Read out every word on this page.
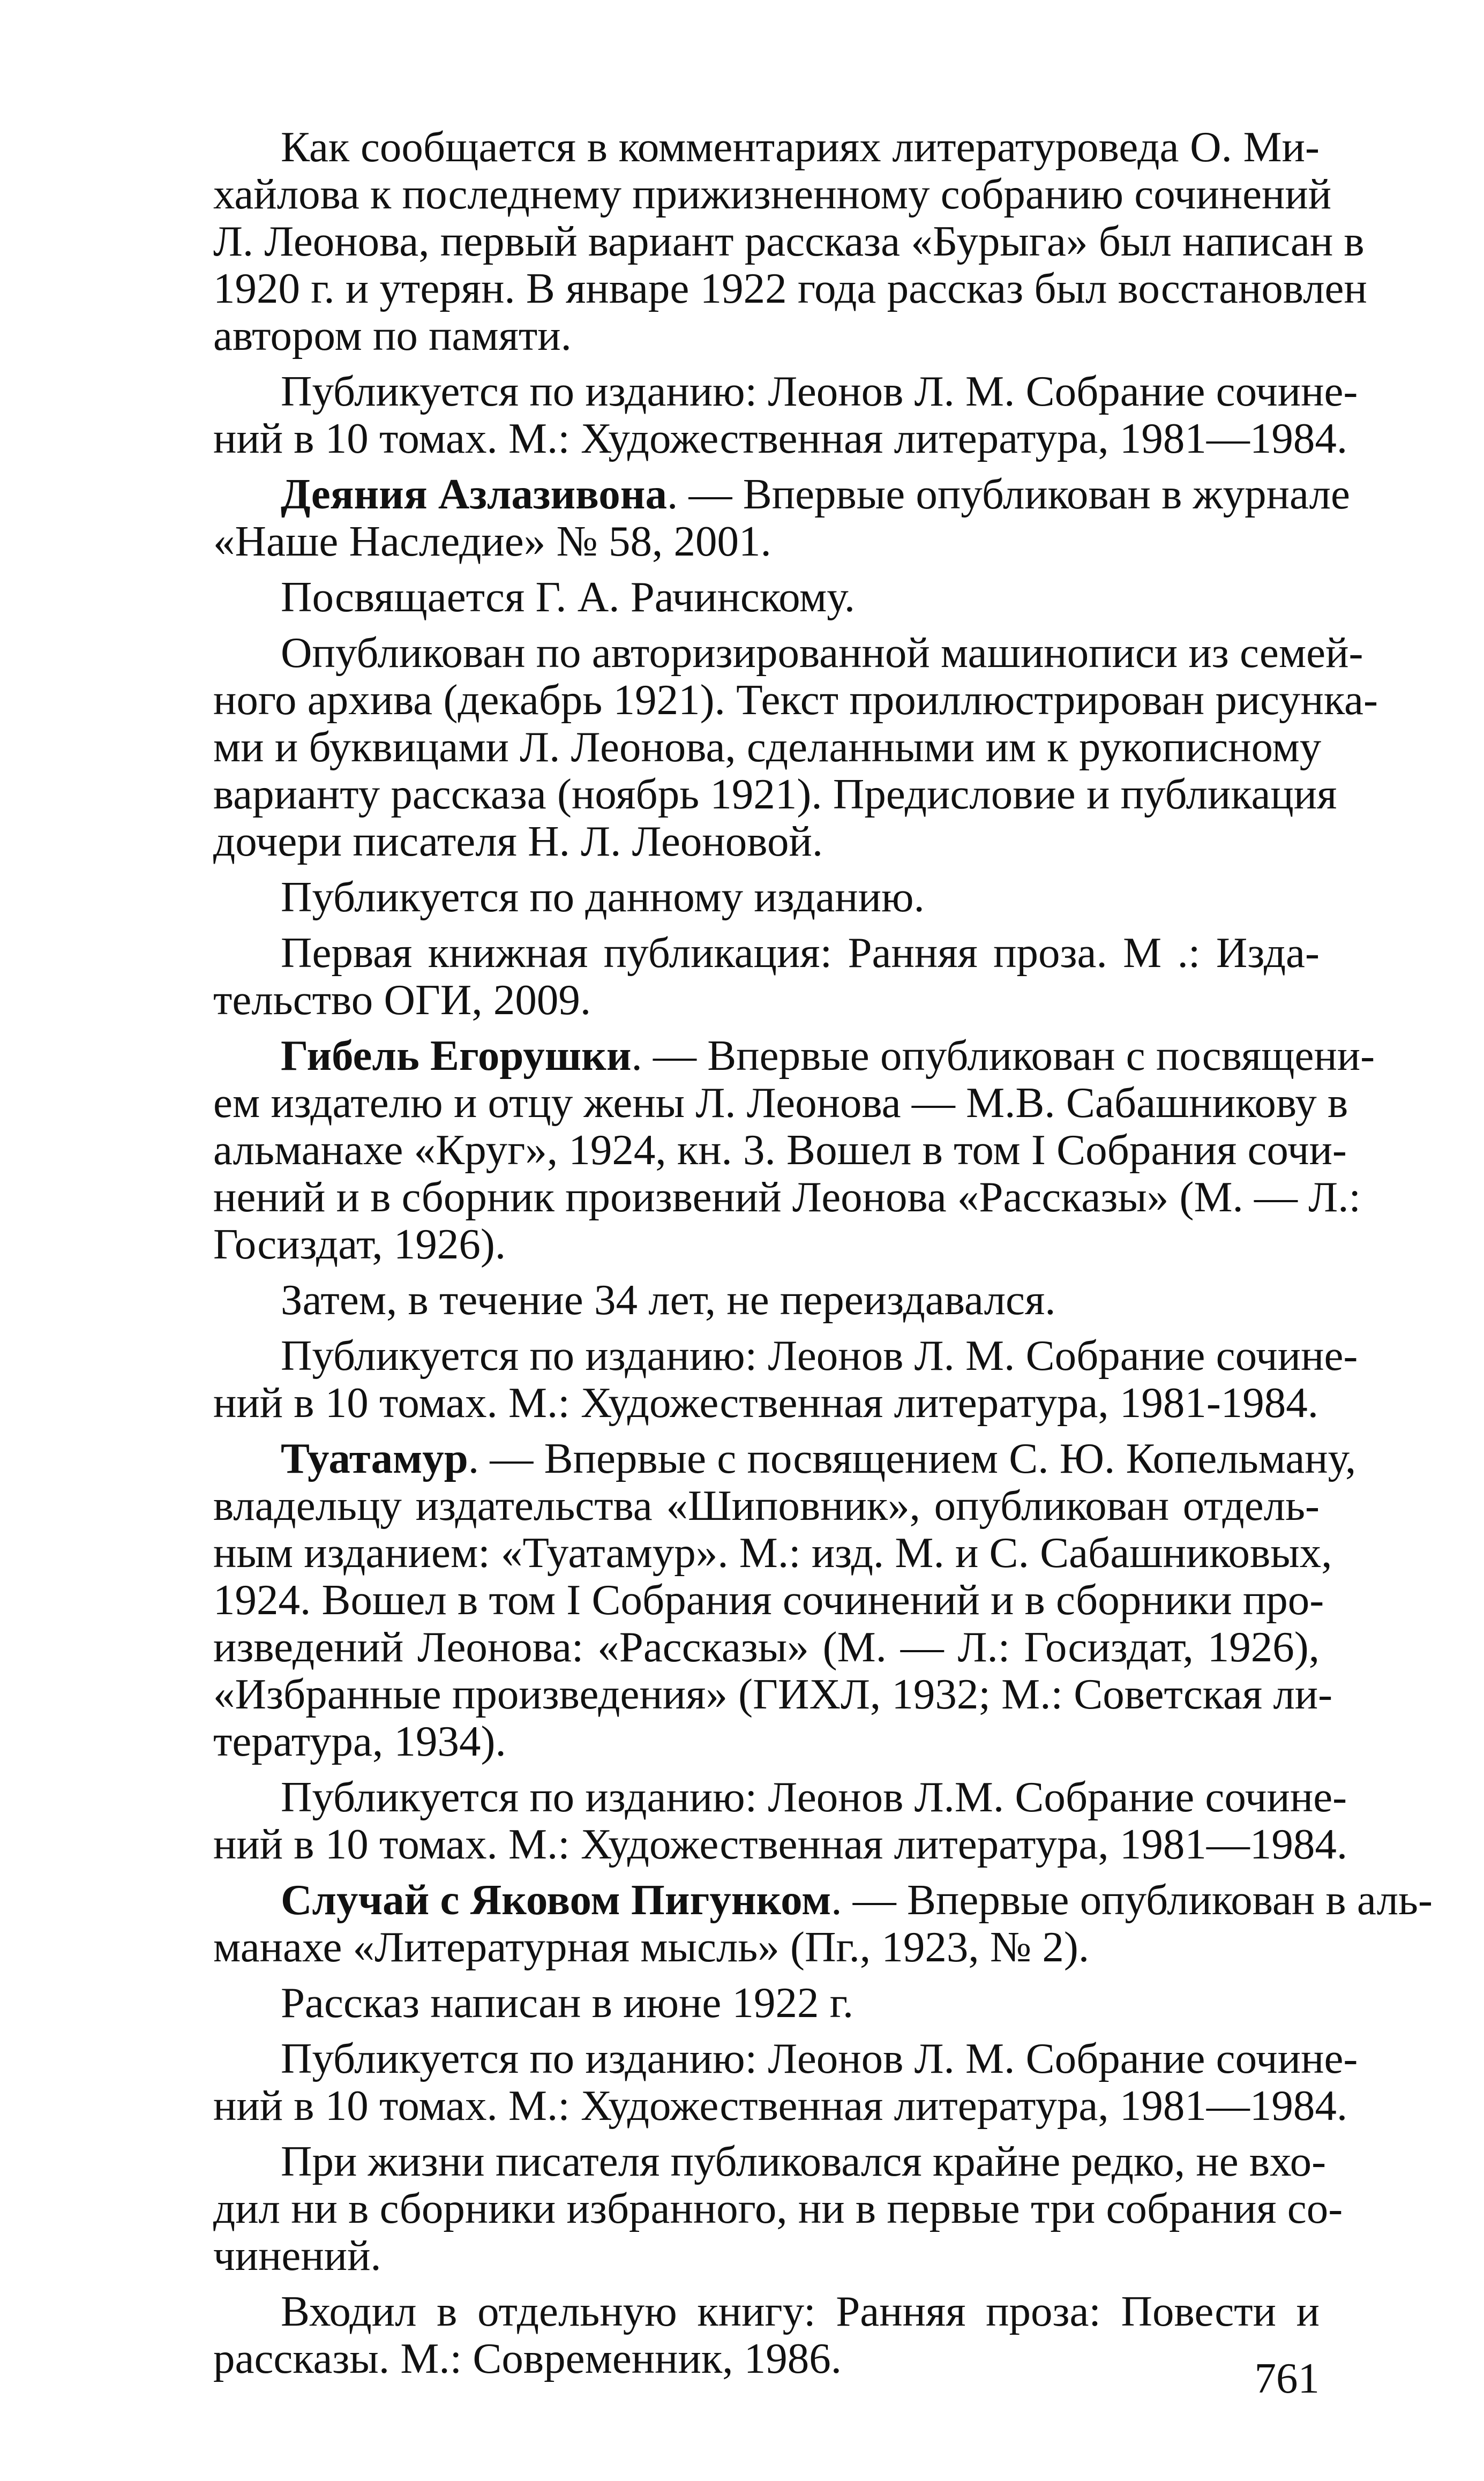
Как сообщается в комментариях литературоведа О. Ми-
хайлова к последнему прижизненному собранию сочинений
Л. Леонова, первый вариант рассказа «Бурыга» был написан в
1920 г. и утерян. В январе 1922 года рассказ был восстановлен
автором по памяти.
Публикуется по изданию: Леонов Л. М. Собрание сочине-
ний в 10 томах. М.: Художественная литература, 1981—1984.
Деяния Азлазивона. — Впервые опубликован в журнале
«Наше Наследие» № 58, 2001.
Посвящается Г. А. Рачинскому.
Опубликован по авторизированной машинописи из семей-
ного архива (декабрь 1921). Текст проиллюстрирован рисунка-
ми и буквицами Л. Леонова, сделанными им к рукописному
варианту рассказа (ноябрь 1921). Предисловие и публикация
дочери писателя Н. Л. Леоновой.
Публикуется по данному изданию.
Первая книжная публикация: Ранняя проза. М .: Изда-
тельство ОГИ, 2009.
Гибель Егорушки. — Впервые опубликован с посвящени-
ем издателю и отцу жены Л. Леонова — М.В. Сабашникову в
альманахе «Круг», 1924, кн. 3. Вошел в том I Собрания сочи-
нений и в сборник произвений Леонова «Рассказы» (М. — Л.:
Госиздат, 1926).
Затем, в течение 34 лет, не переиздавался.
Публикуется по изданию: Леонов Л. М. Собрание сочине-
ний в 10 томах. М.: Художественная литература, 1981-1984.
Туатамур. — Впервые с посвящением С. Ю. Копельману,
владельцу издательства «Шиповник», опубликован отдель-
ным изданием: «Туатамур». М.: изд. М. и С. Сабашниковых,
1924. Вошел в том I Собрания сочинений и в сборники про-
изведений Леонова: «Рассказы» (М. — Л.: Госиздат, 1926),
«Избранные произведения» (ГИХЛ, 1932; М.: Советская ли-
тература, 1934).
Публикуется по изданию: Леонов Л.М. Собрание сочине-
ний в 10 томах. М.: Художественная литература, 1981—1984.
Случай с Яковом Пигунком. — Впервые опубликован в аль-
манахе «Литературная мысль» (Пг., 1923, № 2).
Рассказ написан в июне 1922 г.
Публикуется по изданию: Леонов Л. М. Собрание сочине-
ний в 10 томах. М.: Художественная литература, 1981—1984.
При жизни писателя публиковался крайне редко, не вхо-
дил ни в сборники избранного, ни в первые три собрания со-
чинений.
Входил в отдельную книгу: Ранняя проза: Повести и
рассказы. М.: Современник, 1986.	761
